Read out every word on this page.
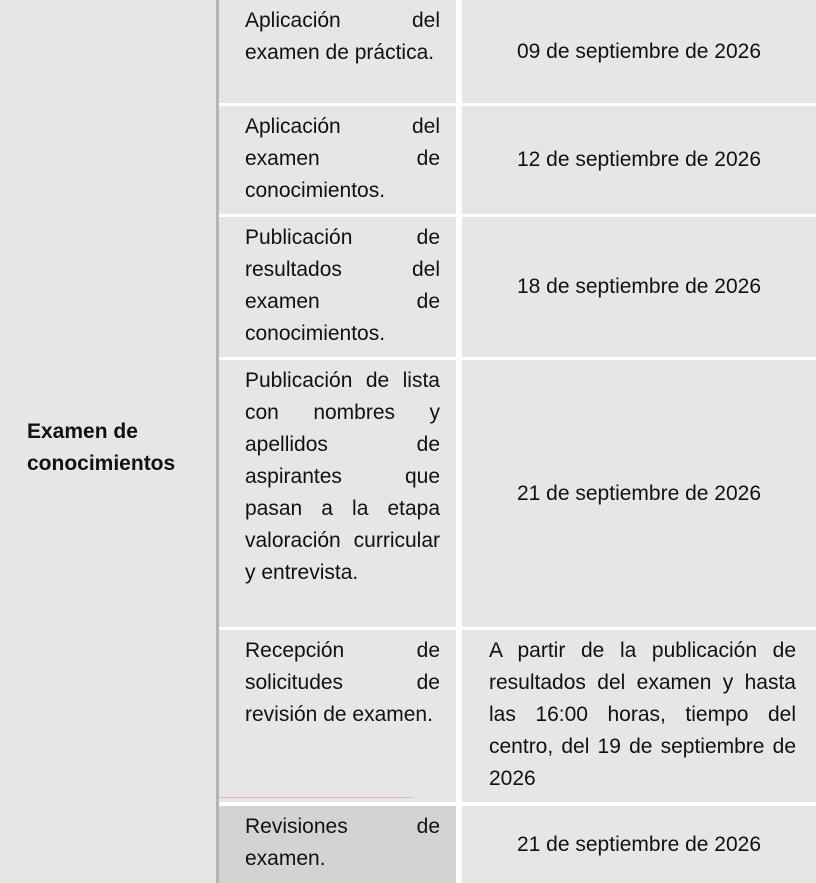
Examen de
conocimientos
Aplicación del examen de práctica.	09 de septiembre de 2026
Aplicación del examen de conocimientos.
12 de septiembre de 2026
Publicación de resultados del examen de conocimientos.
18 de septiembre de 2026
Publicación de lista con nombres y apellidos de aspirantes que pasan a la etapa valoración curricular y entrevista.
21 de septiembre de 2026
Recepción de solicitudes de revisión de examen.
A partir de la publicación de resultados del examen y hasta las 16:00 horas, tiempo del centro, del 19 de septiembre de 2026
Revisiones de examen.
21 de septiembre de 2026
